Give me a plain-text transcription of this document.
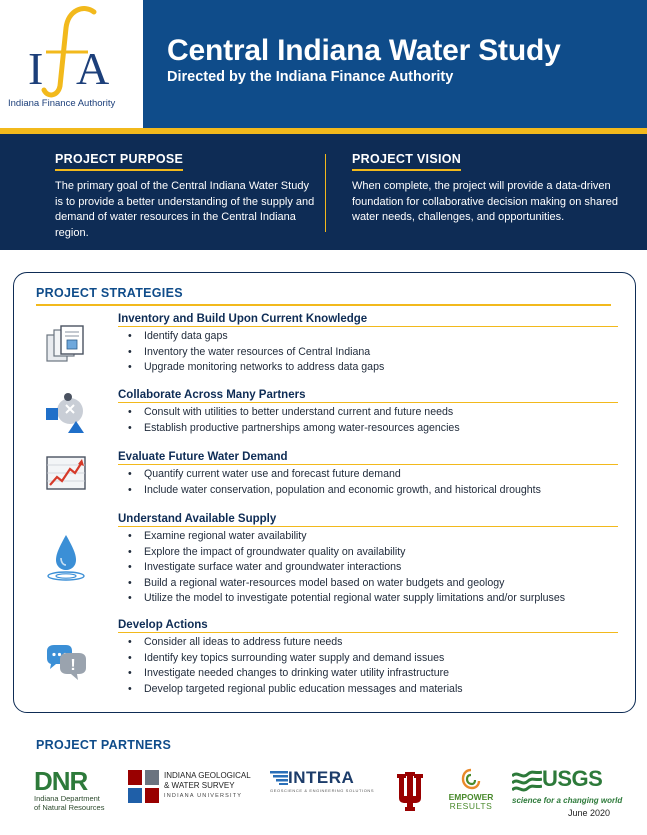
I A
Indiana Finance Authority
Central Indiana Water Study
Directed by the Indiana Finance Authority
PROJECT PURPOSE
The primary goal of the Central Indiana Water Study is to provide a better understanding of the supply and demand of water resources in the Central Indiana region.
PROJECT VISION
When complete, the project will provide a data-driven foundation for collaborative decision making on shared water needs, challenges, and opportunities.
PROJECT STRATEGIES
Inventory and Build Upon Current Knowledge
• Identify data gaps
• Inventory the water resources of Central Indiana
• Upgrade monitoring networks to address data gaps
Collaborate Across Many Partners
• Consult with utilities to better understand current and future needs
• Establish productive partnerships among water-resources agencies
Evaluate Future Water Demand
• Quantify current water use and forecast future demand
• Include water conservation, population and economic growth, and historical droughts
Understand Available Supply
• Examine regional water availability
• Explore the impact of groundwater quality on availability
• Investigate surface water and groundwater interactions
• Build a regional water-resources model based on water budgets and geology
• Utilize the model to investigate potential regional water supply limitations and/or surpluses
!
Develop Actions
• Consider all ideas to address future needs
• Identify key topics surrounding water supply and demand issues
• Investigate needed changes to drinking water utility infrastructure
• Develop targeted regional public education messages and materials
PROJECT PARTNERS
DNR
Indiana Department
of Natural Resources
INDIANA GEOLOGICAL
& WATER SURVEY
INDIANA UNIVERSITY
INTERA
GEOSCIENCE & ENGINEERING SOLUTIONS
EMPOWER
RESULTS
USGS
science for a changing world
June 2020
